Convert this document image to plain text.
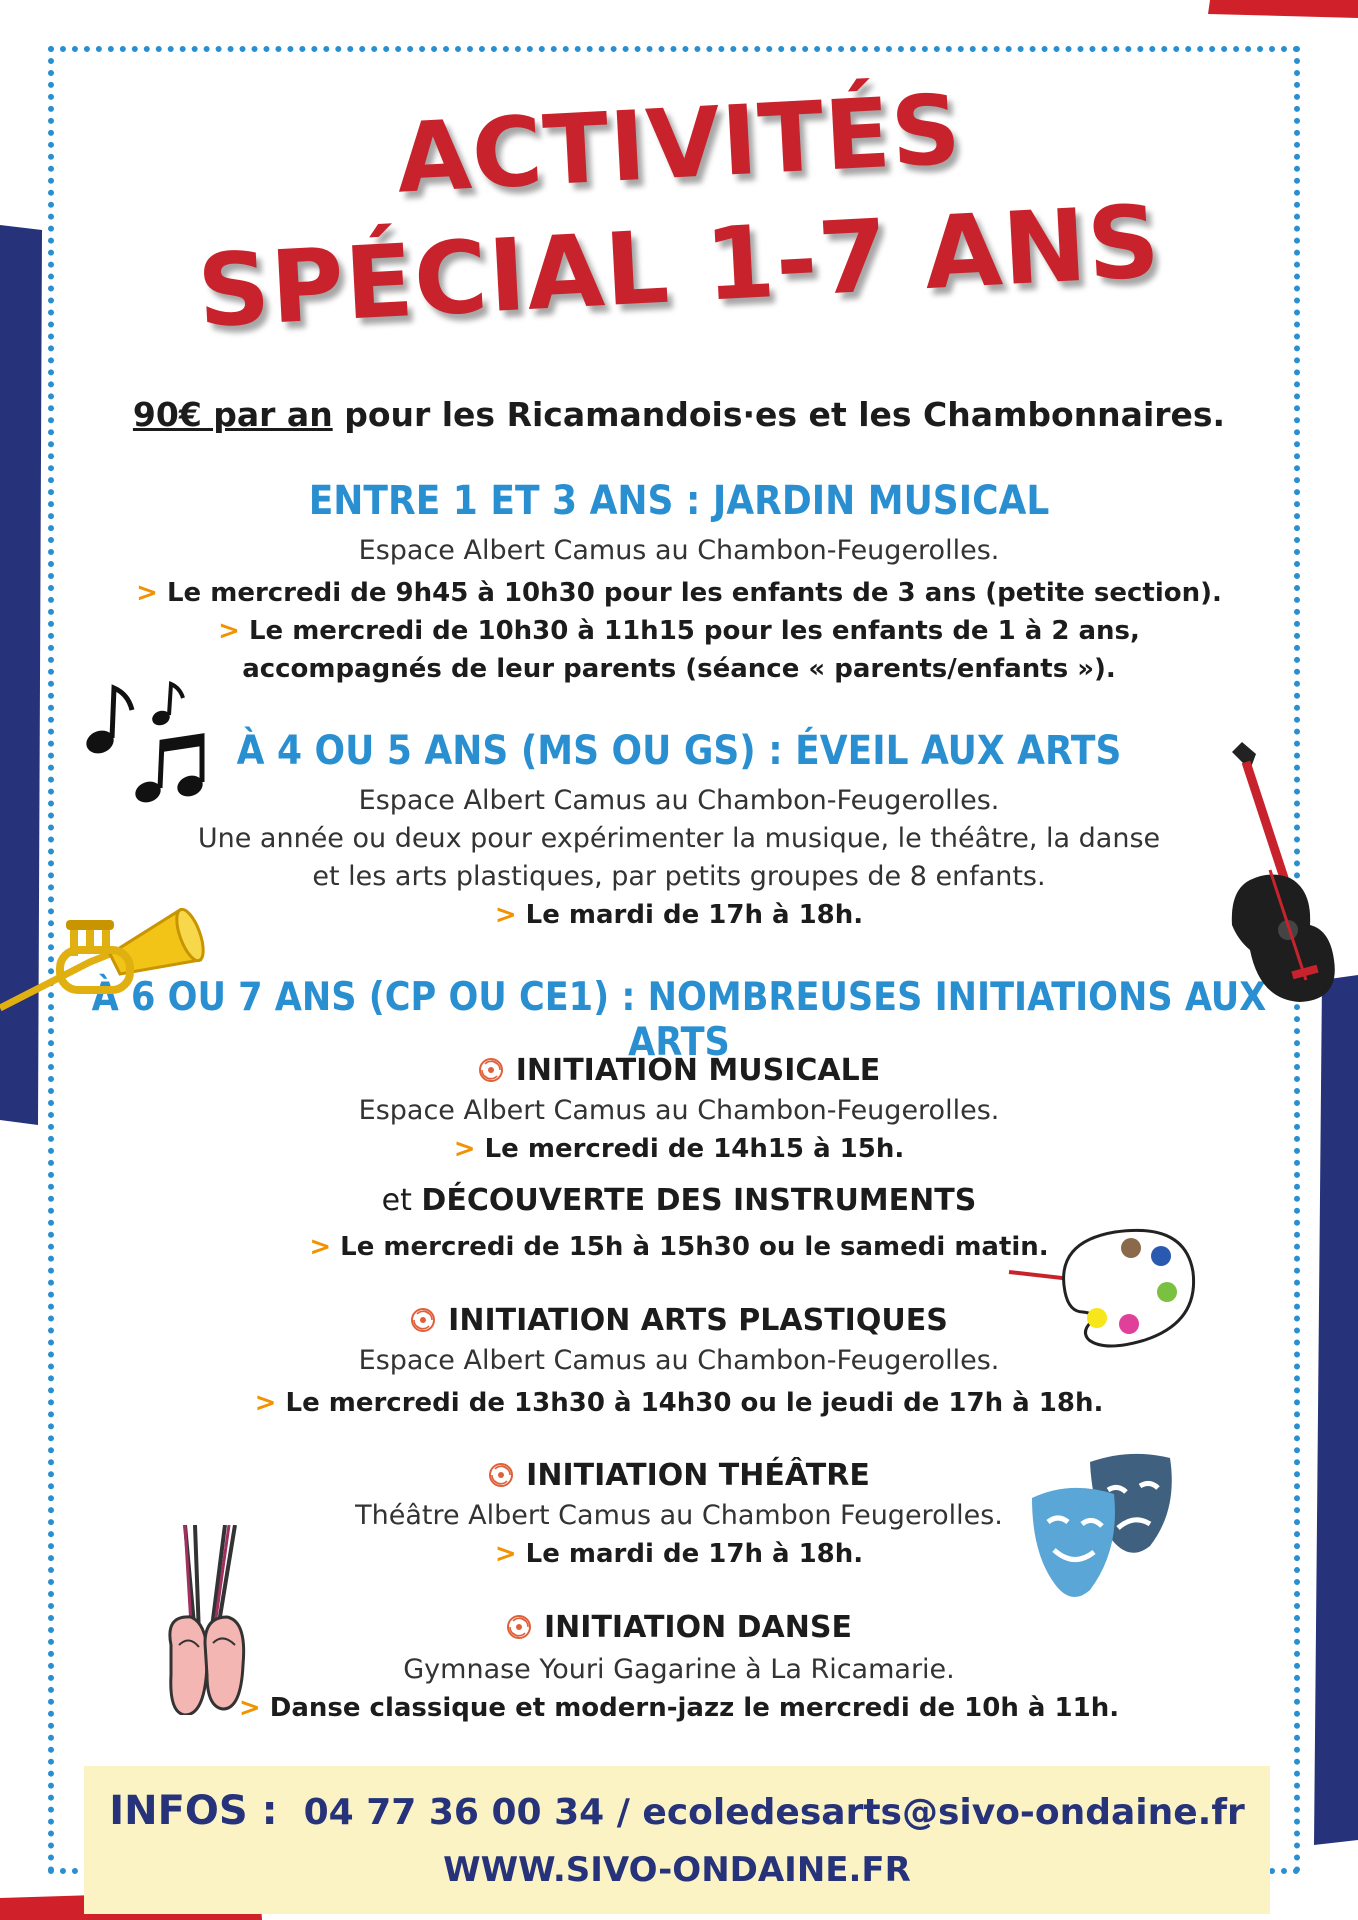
ACTIVITÉS
SPÉCIAL 1-7 ANS
90€ par an pour les Ricamandois·es et les Chambonnaires.
ENTRE 1 ET 3 ANS : JARDIN MUSICAL
Espace Albert Camus au Chambon-Feugerolles.
> Le mercredi de 9h45 à 10h30 pour les enfants de 3 ans (petite section).
> Le mercredi de 10h30 à 11h15 pour les enfants de 1 à 2 ans,
accompagnés de leur parents (séance « parents/enfants »).
À 4 OU 5 ANS (MS OU GS) : ÉVEIL AUX ARTS
Espace Albert Camus au Chambon-Feugerolles.
Une année ou deux pour expérimenter la musique, le théâtre, la danse
et les arts plastiques, par petits groupes de 8 enfants.
> Le mardi de 17h à 18h.
À 6 OU 7 ANS (CP OU CE1) : NOMBREUSES INITIATIONS AUX ARTS
INITIATION MUSICALE
Espace Albert Camus au Chambon-Feugerolles.
> Le mercredi de 14h15 à 15h.
et DÉCOUVERTE DES INSTRUMENTS
> Le mercredi de 15h à 15h30 ou le samedi matin.
INITIATION ARTS PLASTIQUES
Espace Albert Camus au Chambon-Feugerolles.
> Le mercredi de 13h30 à 14h30 ou le jeudi de 17h à 18h.
INITIATION THÉÂTRE
Théâtre Albert Camus au Chambon Feugerolles.
> Le mardi de 17h à 18h.
INITIATION DANSE
Gymnase Youri Gagarine à La Ricamarie.
> Danse classique et modern-jazz le mercredi de 10h à 11h.
INFOS : 04 77 36 00 34 / ecoledesarts@sivo-ondaine.fr
WWW.SIVO-ONDAINE.FR
